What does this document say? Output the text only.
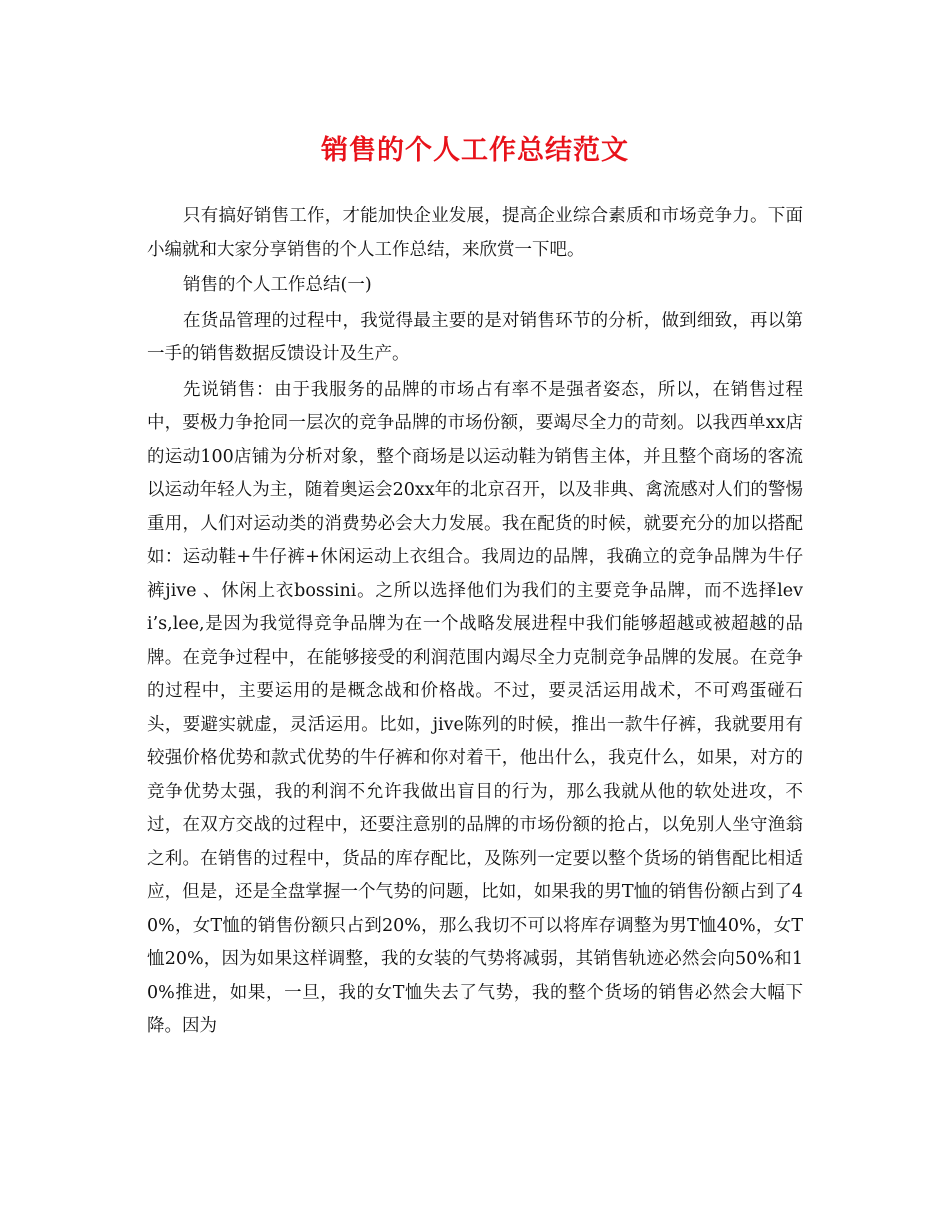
销售的个人工作总结范文

只有搞好销售工作，才能加快企业发展，提高企业综合素质和市场竞争力。下面小编就和大家分享销售的个人工作总结，来欣赏一下吧。

销售的个人工作总结(一)

在货品管理的过程中，我觉得最主要的是对销售环节的分析，做到细致，再以第一手的销售数据反馈设计及生产。

先说销售：由于我服务的品牌的市场占有率不是强者姿态，所以，在销售过程中，要极力争抢同一层次的竞争品牌的市场份额，要竭尽全力的苛刻。以我西单xx店的运动100店铺为分析对象，整个商场是以运动鞋为销售主体，并且整个商场的客流以运动年轻人为主，随着奥运会20xx年的北京召开，以及非典、禽流感对人们的警惕重用，人们对运动类的消费势必会大力发展。我在配货的时候，就要充分的加以搭配如：运动鞋+牛仔裤+休闲运动上衣组合。我周边的品牌，我确立的竞争品牌为牛仔裤jive 、休闲上衣bossini。之所以选择他们为我们的主要竞争品牌，而不选择levi’s,lee,是因为我觉得竞争品牌为在一个战略发展进程中我们能够超越或被超越的品牌。在竞争过程中，在能够接受的利润范围内竭尽全力克制竞争品牌的发展。在竞争的过程中，主要运用的是概念战和价格战。不过，要灵活运用战术，不可鸡蛋碰石头，要避实就虚，灵活运用。比如，jive陈列的时候，推出一款牛仔裤，我就要用有较强价格优势和款式优势的牛仔裤和你对着干，他出什么，我克什么，如果，对方的竞争优势太强，我的利润不允许我做出盲目的行为，那么我就从他的软处进攻，不过，在双方交战的过程中，还要注意别的品牌的市场份额的抢占，以免别人坐守渔翁之利。在销售的过程中，货品的库存配比，及陈列一定要以整个货场的销售配比相适应，但是，还是全盘掌握一个气势的问题，比如，如果我的男T恤的销售份额占到了40%，女T恤的销售份额只占到20%，那么我切不可以将库存调整为男T恤40%，女T恤20%，因为如果这样调整，我的女装的气势将减弱，其销售轨迹必然会向50%和10%推进，如果，一旦，我的女T恤失去了气势，我的整个货场的销售必然会大幅下降。因为
